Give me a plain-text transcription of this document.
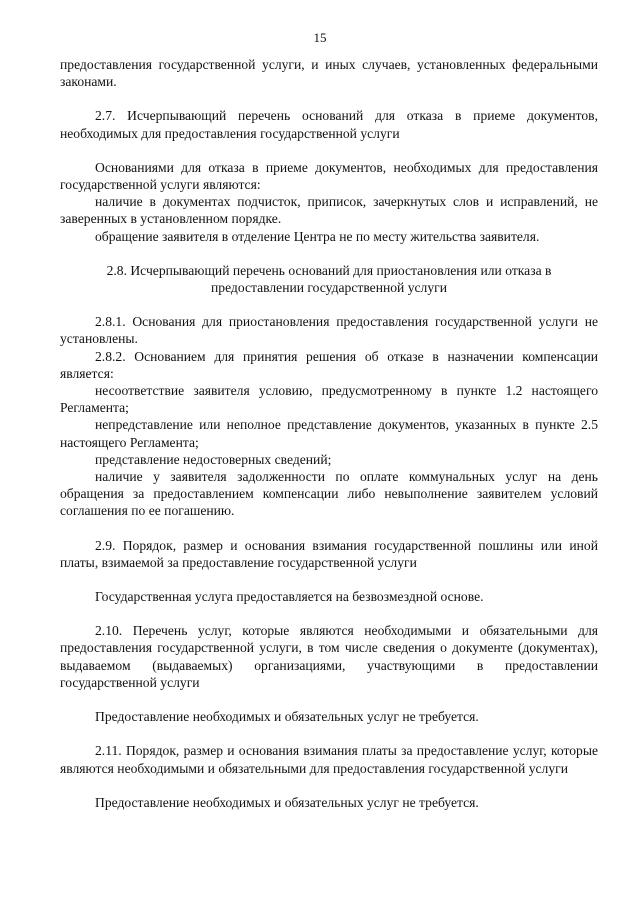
15

предоставления государственной услуги, и иных случаев, установленных федеральными законами.

2.7. Исчерпывающий перечень оснований для отказа в приеме документов, необходимых для предоставления государственной услуги

Основаниями для отказа в приеме документов, необходимых для предоставления государственной услуги являются:

наличие в документах подчисток, приписок, зачеркнутых слов и исправлений, не заверенных в установленном порядке.

обращение заявителя в отделение Центра не по месту жительства заявителя.

2.8. Исчерпывающий перечень оснований для приостановления или отказа в предоставлении государственной услуги

2.8.1. Основания для приостановления предоставления государственной услуги не установлены.

2.8.2. Основанием для принятия решения об отказе в назначении компенсации является:

несоответствие заявителя условию, предусмотренному в пункте 1.2 настоящего Регламента;

непредставление или неполное представление документов, указанных в пункте 2.5 настоящего Регламента;

представление недостоверных сведений;

наличие у заявителя задолженности по оплате коммунальных услуг на день обращения за предоставлением компенсации либо невыполнение заявителем условий соглашения по ее погашению.

2.9. Порядок, размер и основания взимания государственной пошлины или иной платы, взимаемой за предоставление государственной услуги

Государственная услуга предоставляется на безвозмездной основе.

2.10. Перечень услуг, которые являются необходимыми и обязательными для предоставления государственной услуги, в том числе сведения о документе (документах), выдаваемом (выдаваемых) организациями, участвующими в предоставлении государственной услуги

Предоставление необходимых и обязательных услуг не требуется.

2.11. Порядок, размер и основания взимания платы за предоставление услуг, которые являются необходимыми и обязательными для предоставления государственной услуги

Предоставление необходимых и обязательных услуг не требуется.
